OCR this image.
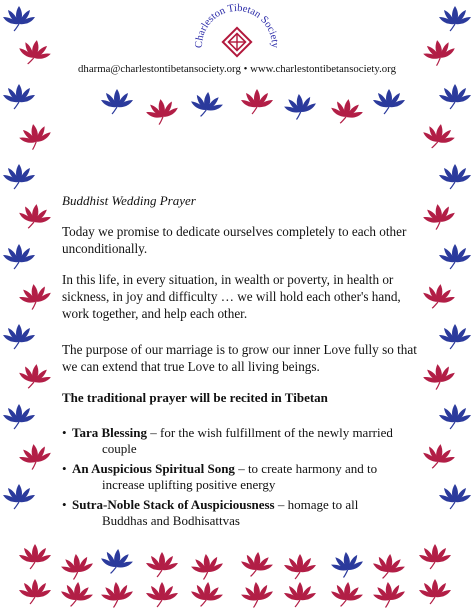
Charleston Tibetan Society
dharma@charlestontibetansociety.org • www.charlestontibetansociety.org
Buddhist Wedding Prayer
Today we promise to dedicate ourselves completely to each other unconditionally.
In this life, in every situation, in wealth or poverty, in health or sickness, in joy and difficulty … we will hold each other's hand, work together, and help each other.
The purpose of our marriage is to grow our inner Love fully so that we can extend that true Love to all living beings.
The traditional prayer will be recited in Tibetan
• Tara Blessing – for the wish fulfillment of the newly married
couple
• An Auspicious Spiritual Song – to create harmony and to
increase uplifting positive energy
• Sutra-Noble Stack of Auspiciousness – homage to all
Buddhas and Bodhisattvas
